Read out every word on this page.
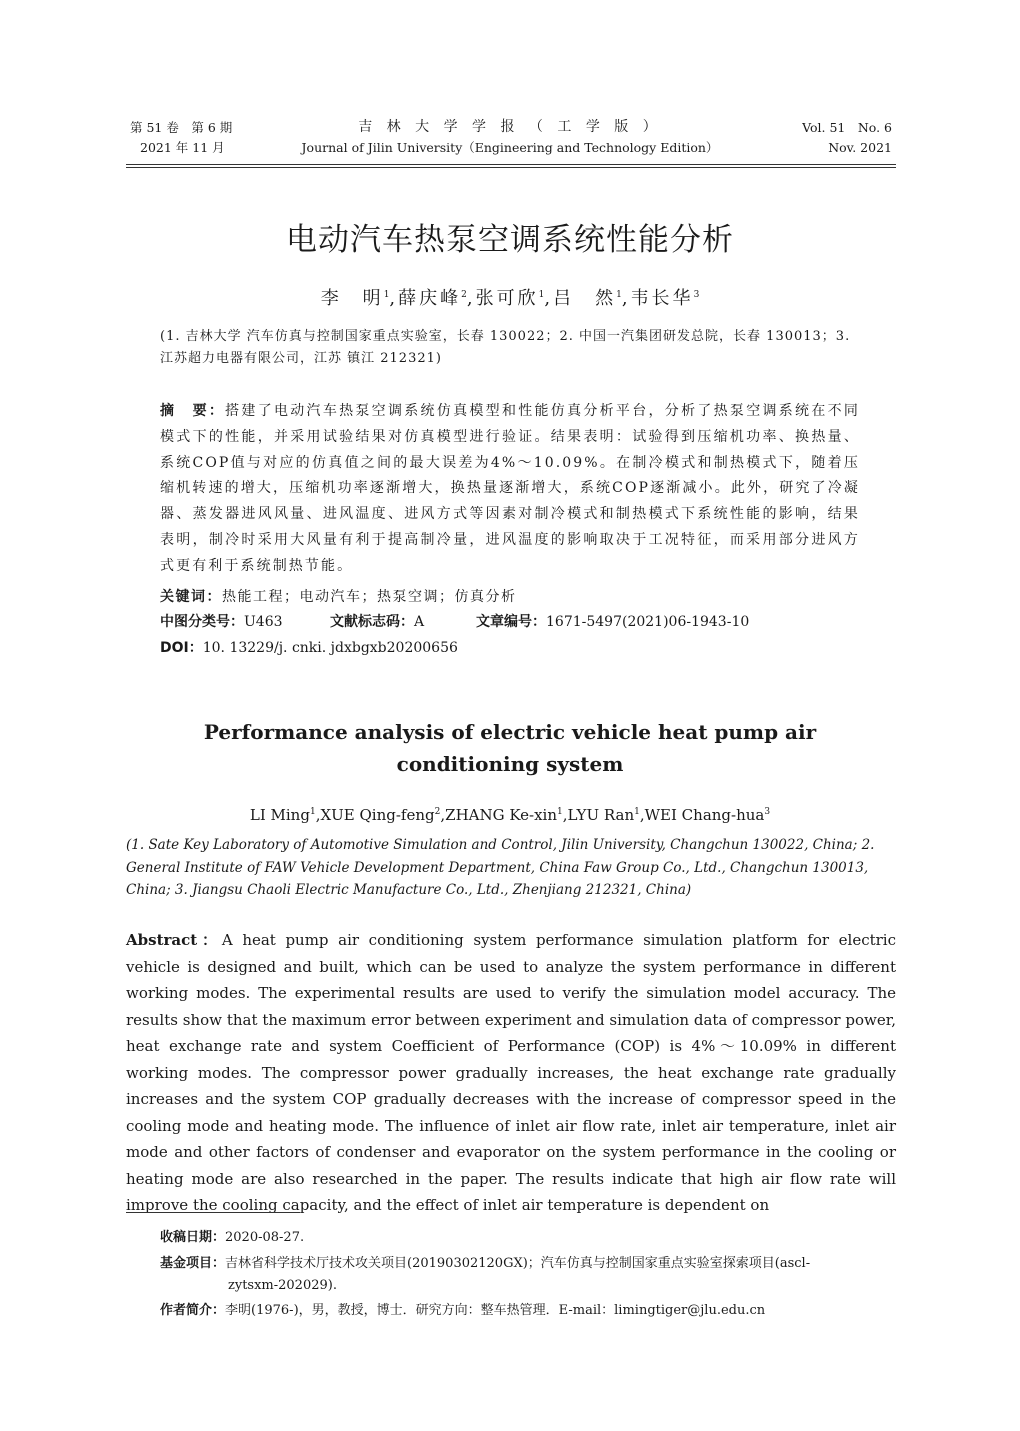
第 51 卷　第 6 期
2021 年 11 月
吉 林 大 学 学 报 （ 工 学 版 ）
Journal of Jilin University（Engineering and Technology Edition）
Vol. 51　No. 6
Nov. 2021
电动汽车热泵空调系统性能分析
李　明$^1$,薛庆峰$^2$,张可欣$^1$,吕　然$^1$,韦长华$^3$
(1. 吉林大学 汽车仿真与控制国家重点实验室，长春 130022；2. 中国一汽集团研发总院，长春 130013；3. 江苏超力电器有限公司，江苏 镇江 212321)
摘　要：搭建了电动汽车热泵空调系统仿真模型和性能仿真分析平台，分析了热泵空调系统在不同模式下的性能，并采用试验结果对仿真模型进行验证。结果表明：试验得到压缩机功率、换热量、系统COP值与对应的仿真值之间的最大误差为4%～10.09%。在制冷模式和制热模式下，随着压缩机转速的增大，压缩机功率逐渐增大，换热量逐渐增大，系统COP逐渐减小。此外，研究了冷凝器、蒸发器进风风量、进风温度、进风方式等因素对制冷模式和制热模式下系统性能的影响，结果表明，制冷时采用大风量有利于提高制冷量，进风温度的影响取决于工况特征，而采用部分进风方式更有利于系统制热节能。
关键词：热能工程；电动汽车；热泵空调；仿真分析
中图分类号：U463	文献标志码：A	文章编号：1671-5497(2021)06-1943-10
DOI：10. 13229/j. cnki. jdxbgxb20200656
Performance analysis of electric vehicle heat pump air
conditioning system
LI Ming$^1$,XUE Qing-feng$^2$,ZHANG Ke-xin$^1$,LYU Ran$^1$,WEI Chang-hua$^3$
(1. Sate Key Laboratory of Automotive Simulation and Control, Jilin University, Changchun 130022, China; 2. General Institute of FAW Vehicle Development Department, China Faw Group Co., Ltd., Changchun 130013, China; 3. Jiangsu Chaoli Electric Manufacture Co., Ltd., Zhenjiang 212321, China)
Abstract：A heat pump air conditioning system performance simulation platform for electric vehicle is designed and built, which can be used to analyze the system performance in different working modes. The experimental results are used to verify the simulation model accuracy. The results show that the maximum error between experiment and simulation data of compressor power, heat exchange rate and system Coefficient of Performance (COP) is 4%～10.09% in different working modes. The compressor power gradually increases, the heat exchange rate gradually increases and the system COP gradually decreases with the increase of compressor speed in the cooling mode and heating mode. The influence of inlet air flow rate, inlet air temperature, inlet air mode and other factors of condenser and evaporator on the system performance in the cooling or heating mode are also researched in the paper. The results indicate that high air flow rate will improve the cooling capacity, and the effect of inlet air temperature is dependent on
收稿日期：2020-08-27.
基金项目：吉林省科学技术厅技术攻关项目(20190302120GX)；汽车仿真与控制国家重点实验室探索项目(ascl-
zytsxm-202029).
作者简介：李明(1976-)，男，教授，博士．研究方向：整车热管理．E-mail：limingtiger@jlu.edu.cn
